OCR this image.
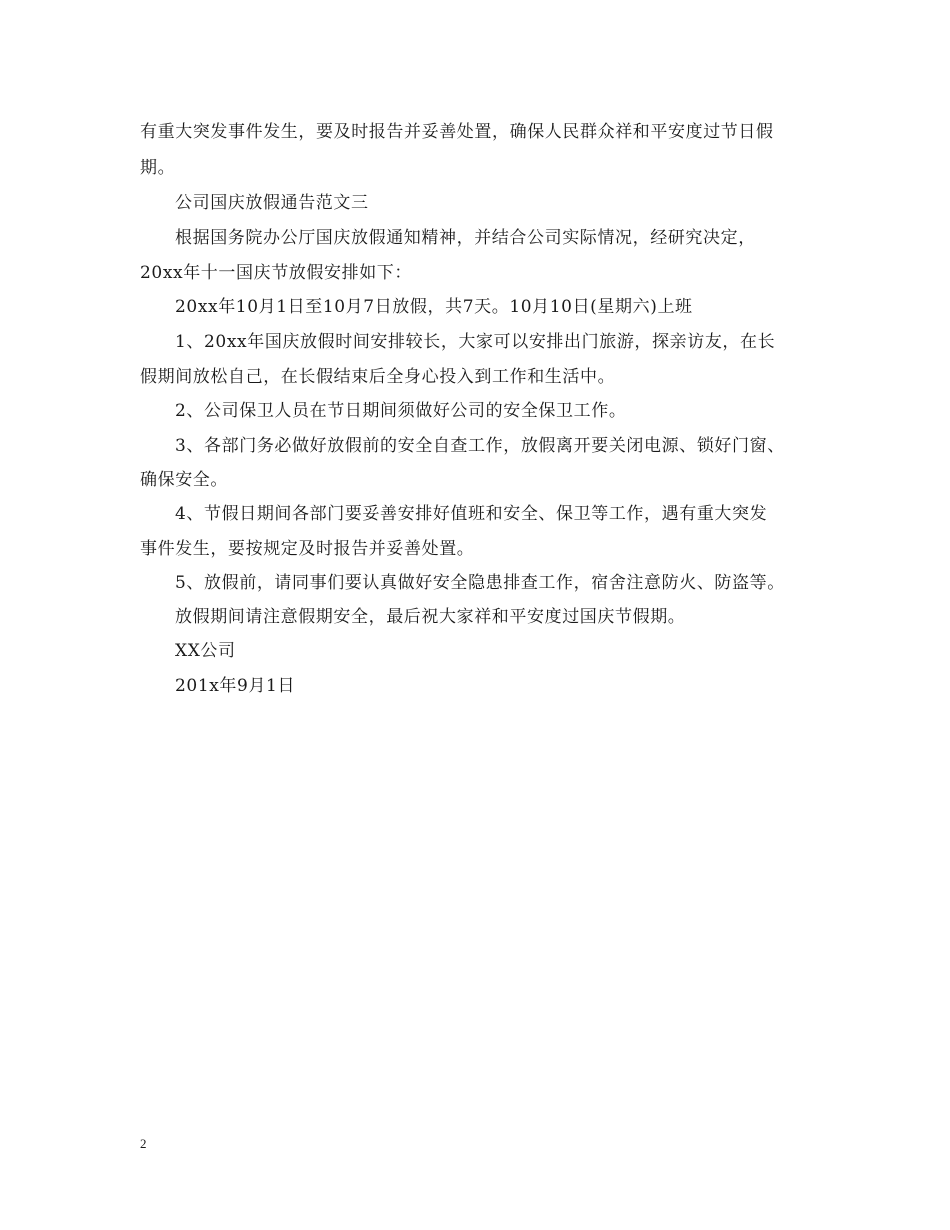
有重大突发事件发生，要及时报告并妥善处置，确保人民群众祥和平安度过节日假
期。
公司国庆放假通告范文三
根据国务院办公厅国庆放假通知精神，并结合公司实际情况，经研究决定，
20xx年十一国庆节放假安排如下：
20xx年10月1日至10月7日放假，共7天。10月10日(星期六)上班
1、20xx年国庆放假时间安排较长，大家可以安排出门旅游，探亲访友，在长
假期间放松自己，在长假结束后全身心投入到工作和生活中。
2、公司保卫人员在节日期间须做好公司的安全保卫工作。
3、各部门务必做好放假前的安全自查工作，放假离开要关闭电源、锁好门窗、
确保安全。
4、节假日期间各部门要妥善安排好值班和安全、保卫等工作，遇有重大突发
事件发生，要按规定及时报告并妥善处置。
5、放假前，请同事们要认真做好安全隐患排查工作，宿舍注意防火、防盗等。
放假期间请注意假期安全，最后祝大家祥和平安度过国庆节假期。
XX公司
201x年9月1日
2
